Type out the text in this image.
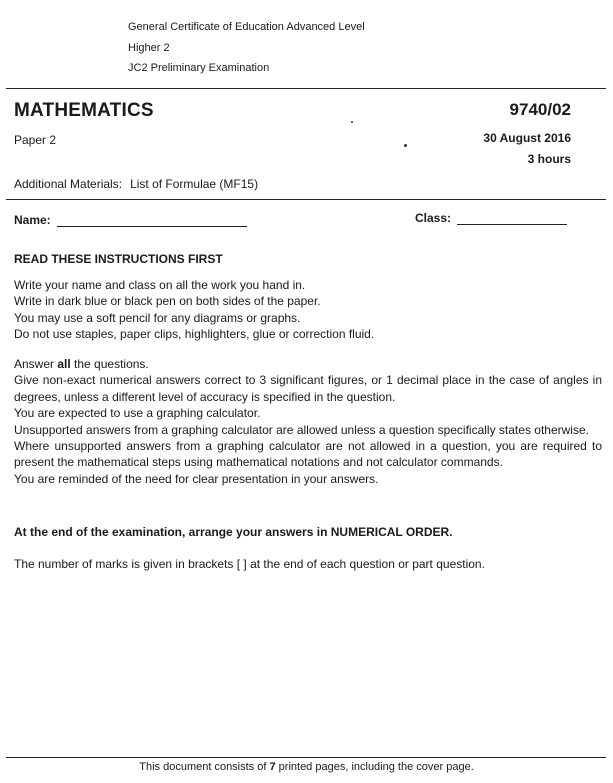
General Certificate of Education Advanced Level
Higher 2
JC2 Preliminary Examination
MATHEMATICS	9740/02
Paper 2	30 August 2016
3 hours
Additional Materials: List of Formulae (MF15)
Name:	Class:
READ THESE INSTRUCTIONS FIRST

Write your name and class on all the work you hand in.

Write in dark blue or black pen on both sides of the paper.

You may use a soft pencil for any diagrams or graphs.

Do not use staples, paper clips, highlighters, glue or correction fluid.

Answer all the questions.

Give non-exact numerical answers correct to 3 significant figures, or 1 decimal place in the case of angles in degrees, unless a different level of accuracy is specified in the question.

You are expected to use a graphing calculator.

Unsupported answers from a graphing calculator are allowed unless a question specifically states otherwise.

Where unsupported answers from a graphing calculator are not allowed in a question, you are required to present the mathematical steps using mathematical notations and not calculator commands.

You are reminded of the need for clear presentation in your answers.

At the end of the examination, arrange your answers in NUMERICAL ORDER.
The number of marks is given in brackets [ ] at the end of each question or part question.
This document consists of 7 printed pages, including the cover page.
